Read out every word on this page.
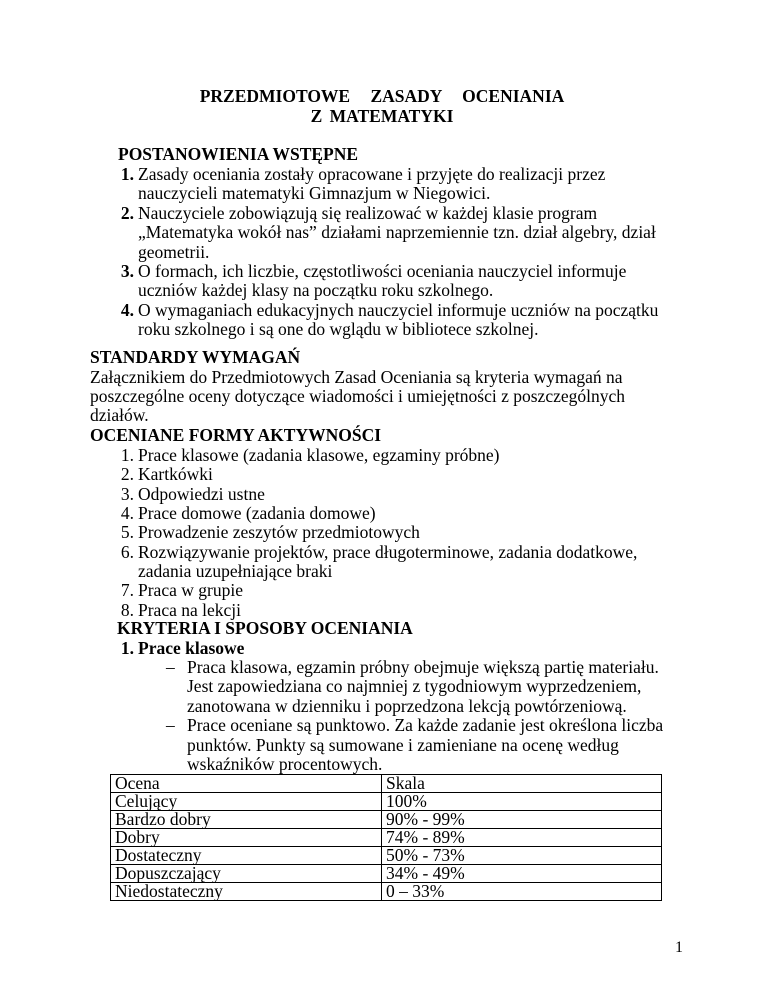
PRZEDMIOTOWE ZASADY OCENIANIA
Z MATEMATYKI
POSTANOWIENIA WSTĘPNE
1. Zasady oceniania zostały opracowane i przyjęte do realizacji przez
nauczycieli matematyki Gimnazjum w Niegowici.
2. Nauczyciele zobowiązują się realizować w każdej klasie program
„Matematyka wokół nas” działami naprzemiennie tzn. dział algebry, dział
geometrii.
3. O formach, ich liczbie, częstotliwości oceniania nauczyciel informuje
uczniów każdej klasy na początku roku szkolnego.
4. O wymaganiach edukacyjnych nauczyciel informuje uczniów na początku
roku szkolnego i są one do wglądu w bibliotece szkolnej.
STANDARDY WYMAGAŃ
Załącznikiem do Przedmiotowych Zasad Oceniania są kryteria wymagań na
poszczególne oceny dotyczące wiadomości i umiejętności z poszczególnych
działów.
OCENIANE FORMY AKTYWNOŚCI
1. Prace klasowe (zadania klasowe, egzaminy próbne)
2. Kartkówki
3. Odpowiedzi ustne
4. Prace domowe (zadania domowe)
5. Prowadzenie zeszytów przedmiotowych
6. Rozwiązywanie projektów, prace długoterminowe, zadania dodatkowe,
zadania uzupełniające braki
7. Praca w grupie
8. Praca na lekcji
KRYTERIA I SPOSOBY OCENIANIA
1. Prace klasowe
– Praca klasowa, egzamin próbny obejmuje większą partię materiału.
Jest zapowiedziana co najmniej z tygodniowym wyprzedzeniem,
zanotowana w dzienniku i poprzedzona lekcją powtórzeniową.
– Prace oceniane są punktowo. Za każde zadanie jest określona liczba
punktów. Punkty są sumowane i zamieniane na ocenę według
wskaźników procentowych.
Ocena	Skala
Celujący	100%
Bardzo dobry	90% - 99%
Dobry	74% - 89%
Dostateczny	50% - 73%
Dopuszczający	34% - 49%
Niedostateczny	0 – 33%
1
